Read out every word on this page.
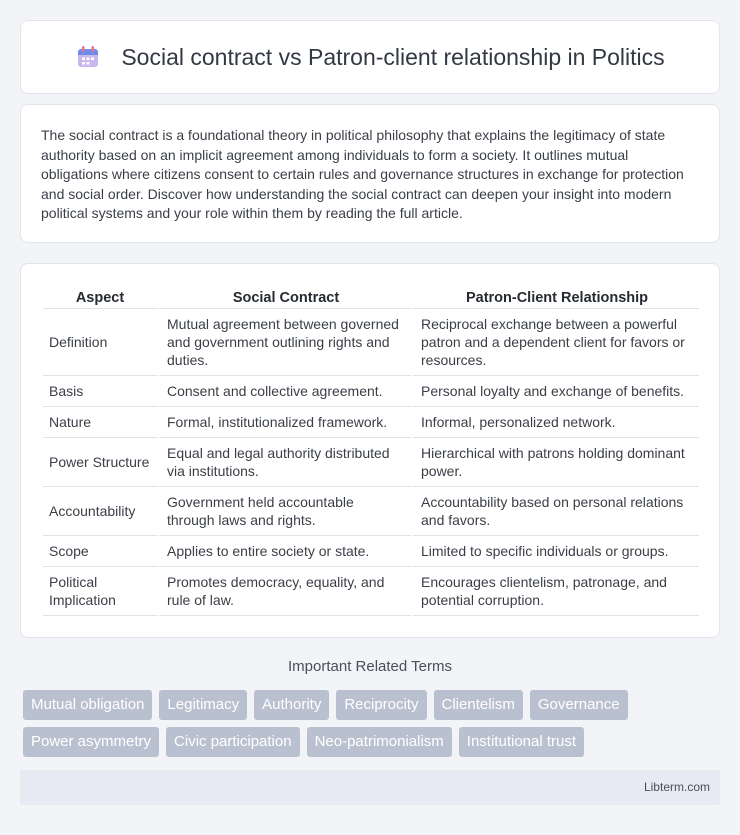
Social contract vs Patron-client relationship in Politics

The social contract is a foundational theory in political philosophy that explains the legitimacy of state authority based on an implicit agreement among individuals to form a society. It outlines mutual obligations where citizens consent to certain rules and governance structures in exchange for protection and social order. Discover how understanding the social contract can deepen your insight into modern political systems and your role within them by reading the full article.

Aspect	Social Contract	Patron-Client Relationship
Definition	Mutual agreement between governed and government outlining rights and duties.	Reciprocal exchange between a powerful patron and a dependent client for favors or resources.
Basis	Consent and collective agreement.	Personal loyalty and exchange of benefits.
Nature	Formal, institutionalized framework.	Informal, personalized network.
Power Structure	Equal and legal authority distributed via institutions.	Hierarchical with patrons holding dominant power.
Accountability	Government held accountable through laws and rights.	Accountability based on personal relations and favors.
Scope	Applies to entire society or state.	Limited to specific individuals or groups.
Political Implication	Promotes democracy, equality, and rule of law.	Encourages clientelism, patronage, and potential corruption.
Important Related Terms
Mutual obligation	Legitimacy	Authority	Reciprocity	Clientelism	Governance
Power asymmetry	Civic participation	Neo-patrimonialism	Institutional trust
Libterm.com
